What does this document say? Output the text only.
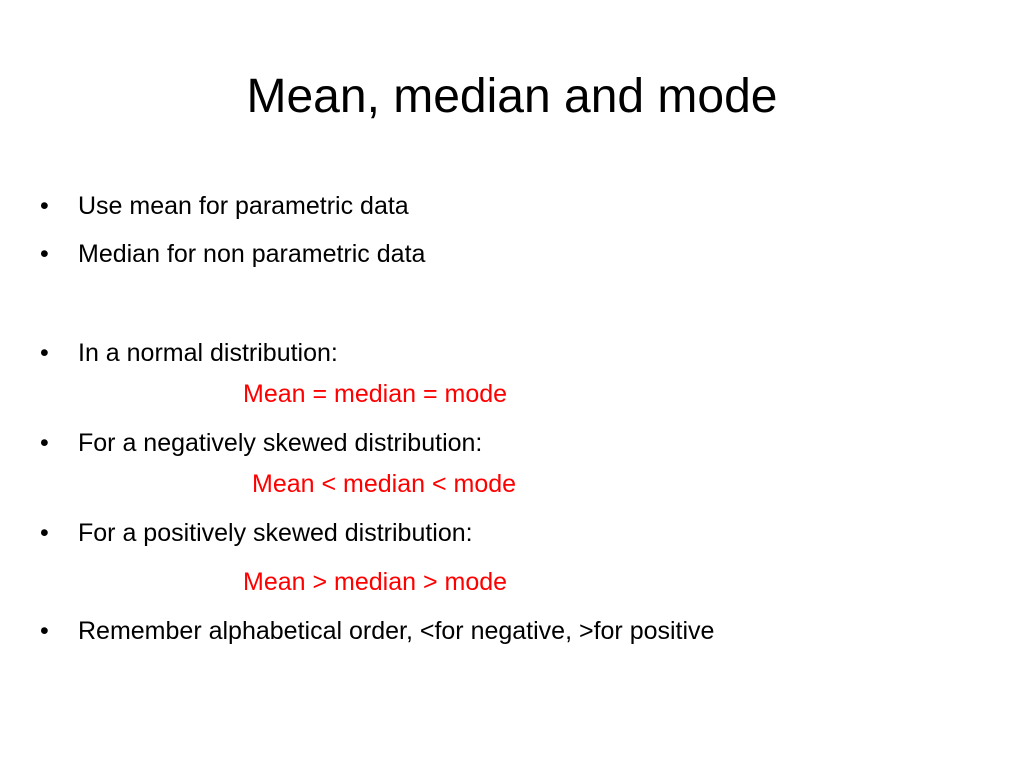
Mean, median and mode
• Use mean for parametric data
• Median for non parametric data
• In a normal distribution:
Mean = median = mode
• For a negatively skewed distribution:
Mean < median < mode
• For a positively skewed distribution:
Mean > median > mode
• Remember alphabetical order, <for negative, >for positive
